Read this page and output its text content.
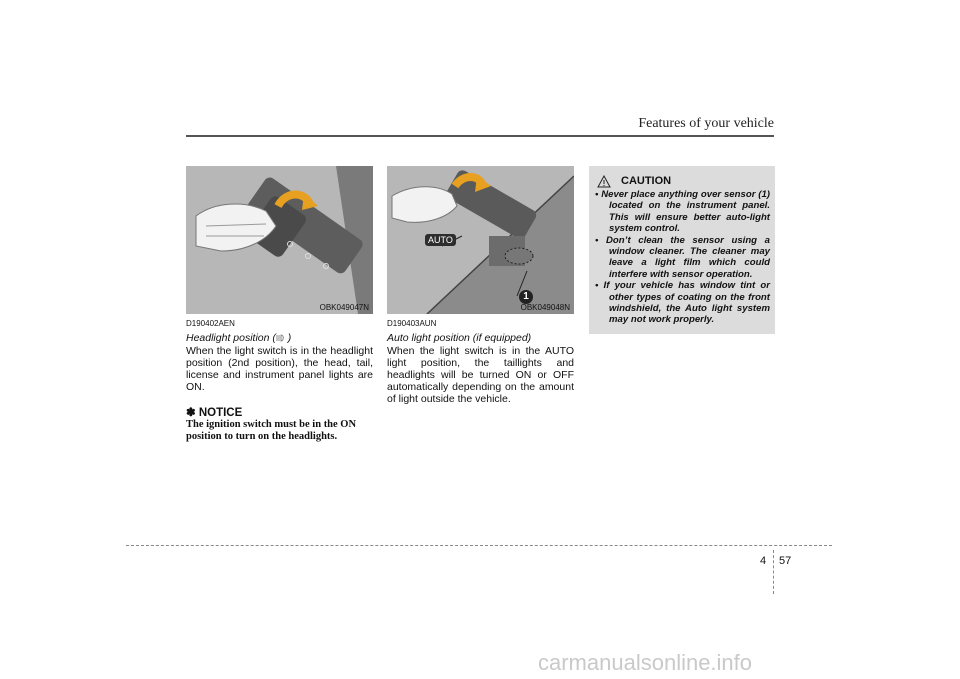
Features of your vehicle
OBK049047N
AUTO
1
OBK049048N
D190402AEN
Headlight position ( )
When the light switch is in the headlight position (2nd position), the head, tail, license and instrument panel lights are ON.
✽ NOTICE
The ignition switch must be in the ON position to turn on the headlights.
D190403AUN
Auto light position (if equipped)
When the light switch is in the AUTO light position, the taillights and headlights will be turned ON or OFF automatically depending on the amount of light outside the vehicle.
CAUTION
• Never place anything over sensor (1) located on the instrument panel. This will ensure better auto-light system control.
• Don’t clean the sensor using a window cleaner. The cleaner may leave a light film which could interfere with sensor operation.
• If your vehicle has window tint or other types of coating on the front windshield, the Auto light system may not work properly.
4 57
carmanualsonline.info
